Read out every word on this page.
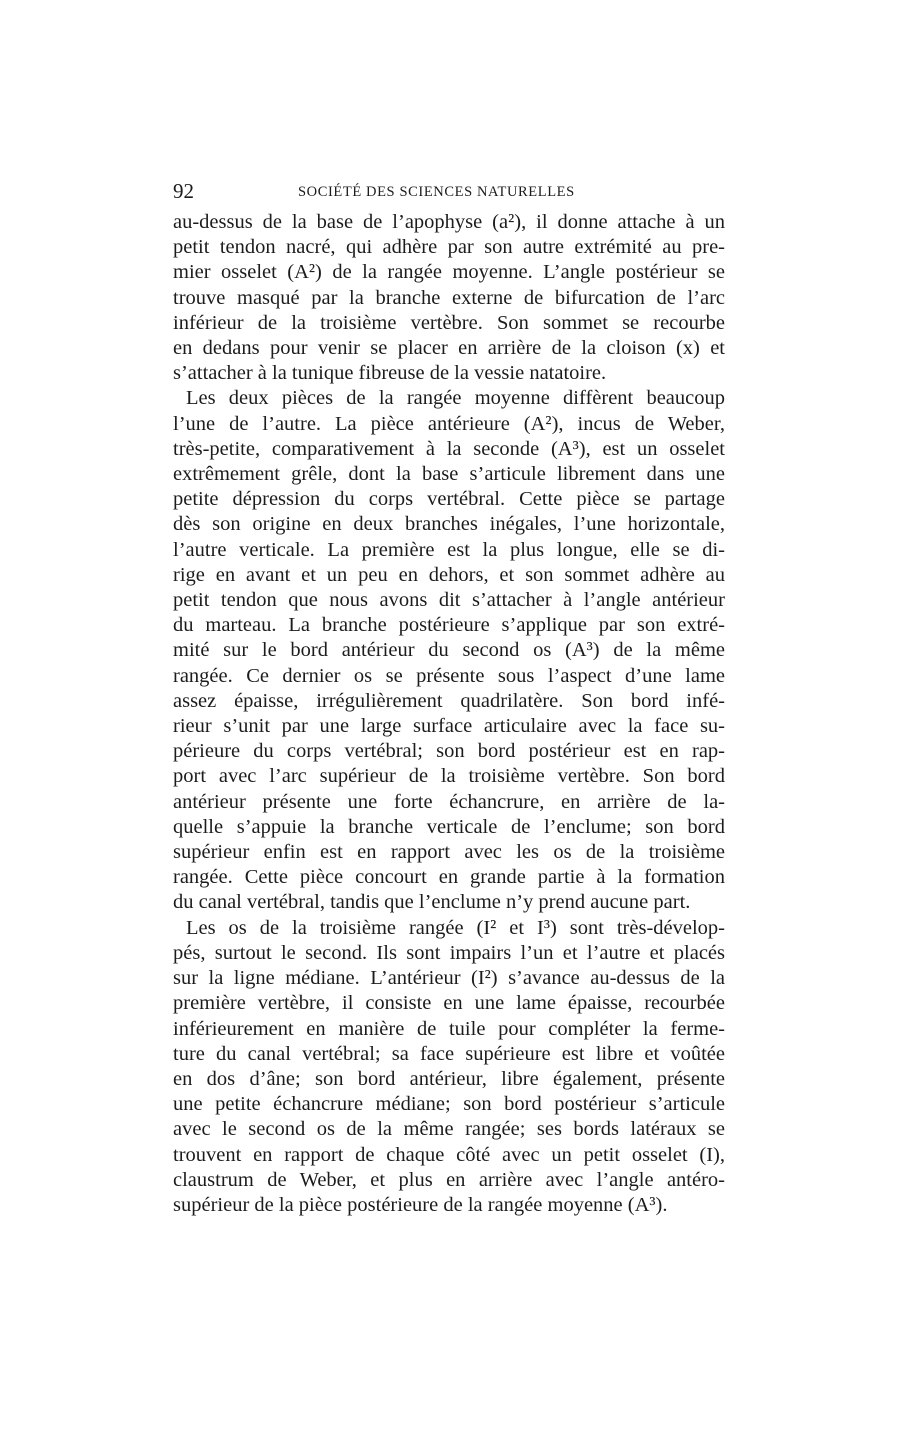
92	SOCIÉTÉ DES SCIENCES NATURELLES
au-dessus de la base de l’apophyse (a²), il donne attache à un
petit tendon nacré, qui adhère par son autre extrémité au pre-
mier osselet (A²) de la rangée moyenne. L’angle postérieur se
trouve masqué par la branche externe de bifurcation de l’arc
inférieur de la troisième vertèbre. Son sommet se recourbe
en dedans pour venir se placer en arrière de la cloison (x) et
s’attacher à la tunique fibreuse de la vessie natatoire.
Les deux pièces de la rangée moyenne diffèrent beaucoup
l’une de l’autre. La pièce antérieure (A²), incus de Weber,
très-petite, comparativement à la seconde (A³), est un osselet
extrêmement grêle, dont la base s’articule librement dans une
petite dépression du corps vertébral. Cette pièce se partage
dès son origine en deux branches inégales, l’une horizontale,
l’autre verticale. La première est la plus longue, elle se di-
rige en avant et un peu en dehors, et son sommet adhère au
petit tendon que nous avons dit s’attacher à l’angle antérieur
du marteau. La branche postérieure s’applique par son extré-
mité sur le bord antérieur du second os (A³) de la même
rangée. Ce dernier os se présente sous l’aspect d’une lame
assez épaisse, irrégulièrement quadrilatère. Son bord infé-
rieur s’unit par une large surface articulaire avec la face su-
périeure du corps vertébral; son bord postérieur est en rap-
port avec l’arc supérieur de la troisième vertèbre. Son bord
antérieur présente une forte échancrure, en arrière de la-
quelle s’appuie la branche verticale de l’enclume; son bord
supérieur enfin est en rapport avec les os de la troisième
rangée. Cette pièce concourt en grande partie à la formation
du canal vertébral, tandis que l’enclume n’y prend aucune part.
Les os de la troisième rangée (I² et I³) sont très-dévelop-
pés, surtout le second. Ils sont impairs l’un et l’autre et placés
sur la ligne médiane. L’antérieur (I²) s’avance au-dessus de la
première vertèbre, il consiste en une lame épaisse, recourbée
inférieurement en manière de tuile pour compléter la ferme-
ture du canal vertébral; sa face supérieure est libre et voûtée
en dos d’âne; son bord antérieur, libre également, présente
une petite échancrure médiane; son bord postérieur s’articule
avec le second os de la même rangée; ses bords latéraux se
trouvent en rapport de chaque côté avec un petit osselet (I),
claustrum de Weber, et plus en arrière avec l’angle antéro-
supérieur de la pièce postérieure de la rangée moyenne (A³).
